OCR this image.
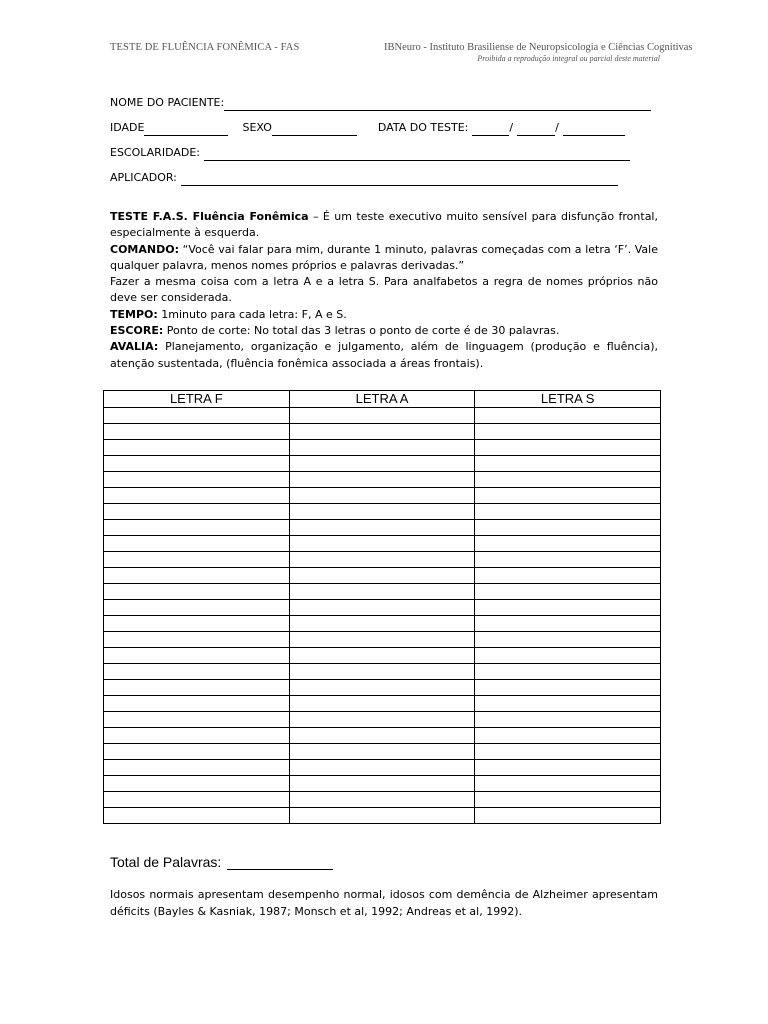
TESTE DE FLUÊNCIA FONÊMICA - FAS	IBNeuro - Instituto Brasiliense de Neuropsicologia e Ciências Cognitivas
Proibida a reprodução integral ou parcial deste material
NOME DO PACIENTE:
IDADE	SEXO	DATA DO TESTE:	/	/
ESCOLARIDADE:
APLICADOR:

TESTE F.A.S. Fluência Fonêmica – É um teste executivo muito sensível para disfunção frontal, especialmente à esquerda.

COMANDO: “Você vai falar para mim, durante 1 minuto, palavras começadas com a letra ‘F’. Vale qualquer palavra, menos nomes próprios e palavras derivadas.”

Fazer a mesma coisa com a letra A e a letra S. Para analfabetos a regra de nomes próprios não deve ser considerada.

TEMPO: 1minuto para cada letra: F, A e S.

ESCORE: Ponto de corte: No total das 3 letras o ponto de corte é de 30 palavras.

AVALIA: Planejamento, organização e julgamento, além de linguagem (produção e fluência), atenção sustentada, (fluência fonêmica associada a áreas frontais).

LETRA F	LETRA A	LETRA S

Total de Palavras:
Idosos normais apresentam desempenho normal, idosos com demência de Alzheimer apresentam déficits (Bayles & Kasniak, 1987; Monsch et al, 1992; Andreas et al, 1992).
